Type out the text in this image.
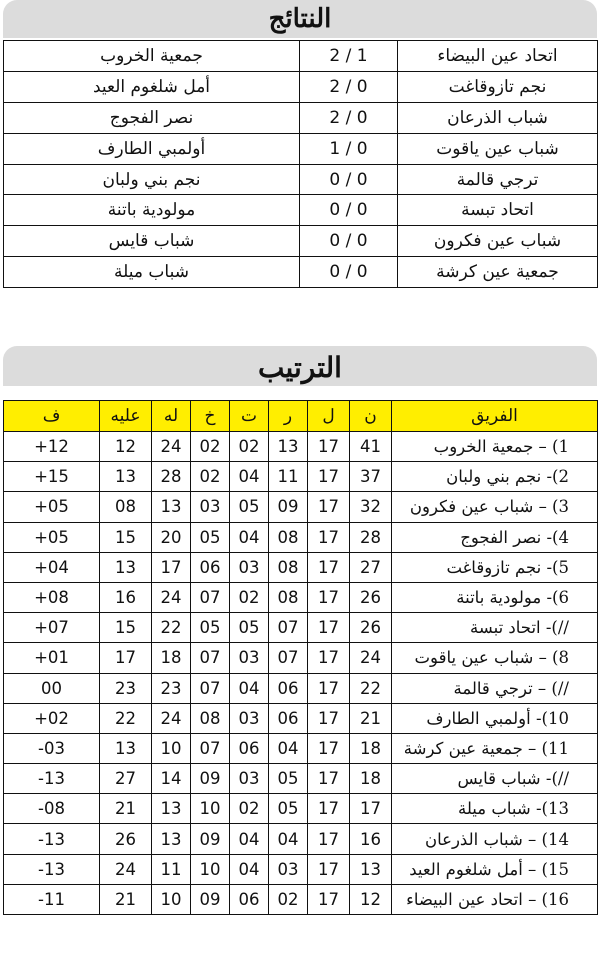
النتائج
اتحاد عين البيضاء	2 / 1	جمعية الخروب
نجم تازوقاغت	2 / 0	أمل شلغوم العيد
شباب الذرعان	2 / 0	نصر الفجوج
شباب عين ياقوت	1 / 0	أولمبي الطارف
ترجي قالمة	0 / 0	نجم بني ولبان
اتحاد تبسة	0 / 0	مولودية باتنة
شباب عين فكرون	0 / 0	شباب قايس
جمعية عين كرشة	0 / 0	شباب ميلة
الترتيب
الفريق	ن	ل	ر	ت	خ	له	عليه	ف
1) – جمعية الخروب	41	17	13	02	02	24	12	+12
2)- نجم بني ولبان	37	17	11	04	02	28	13	+15
3) – شباب عين فكرون	32	17	09	05	03	13	08	+05
4)- نصر الفجوج	28	17	08	04	05	20	15	+05
5)- نجم تازوقاغت	27	17	08	03	06	17	13	+04
6)- مولودية باتنة	26	17	08	02	07	24	16	+08
//)- اتحاد تبسة	26	17	07	05	05	22	15	+07
8) – شباب عين ياقوت	24	17	07	03	07	18	17	+01
//) – ترجي قالمة	22	17	06	04	07	23	23	00
10)- أولمبي الطارف	21	17	06	03	08	24	22	+02
11) – جمعية عين كرشة	18	17	04	06	07	10	13	-03
//)- شباب قايس	18	17	05	03	09	14	27	-13
13)- شباب ميلة	17	17	05	02	10	13	21	-08
14) – شباب الذرعان	16	17	04	04	09	13	26	-13
15) – أمل شلغوم العيد	13	17	03	04	10	11	24	-13
16) – اتحاد عين البيضاء	12	17	02	06	09	10	21	-11
